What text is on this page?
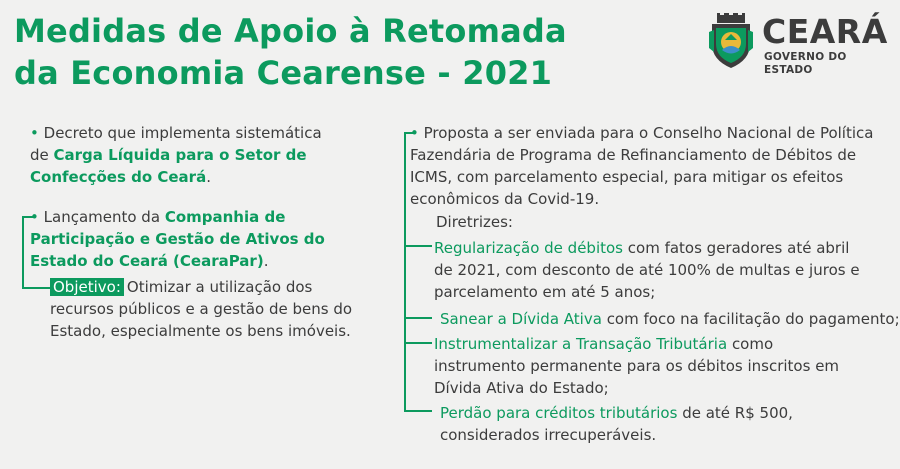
Medidas de Apoio à Retomada
da Economia Cearense - 2021
CEARÁ
GOVERNO DO ESTADO

• Decreto que implementa sistemática
de Carga Líquida para o Setor de
Confecções do Ceará.

• Lançamento da Companhia de
Participação e Gestão de Ativos do
Estado do Ceará (CearaPar).

Objetivo: Otimizar a utilização dos
recursos públicos e a gestão de bens do
Estado, especialmente os bens imóveis.

• Proposta a ser enviada para o Conselho Nacional de Política
Fazendária de Programa de Refinanciamento de Débitos de
ICMS, com parcelamento especial, para mitigar os efeitos
econômicos da Covid-19.

Diretrizes:

Regularização de débitos com fatos geradores até abril
de 2021, com desconto de até 100% de multas e juros e
parcelamento em até 5 anos;

Sanear a Dívida Ativa com foco na facilitação do pagamento;

Instrumentalizar a Transação Tributária como
instrumento permanente para os débitos inscritos em
Dívida Ativa do Estado;

Perdão para créditos tributários de até R$ 500,
considerados irrecuperáveis.
